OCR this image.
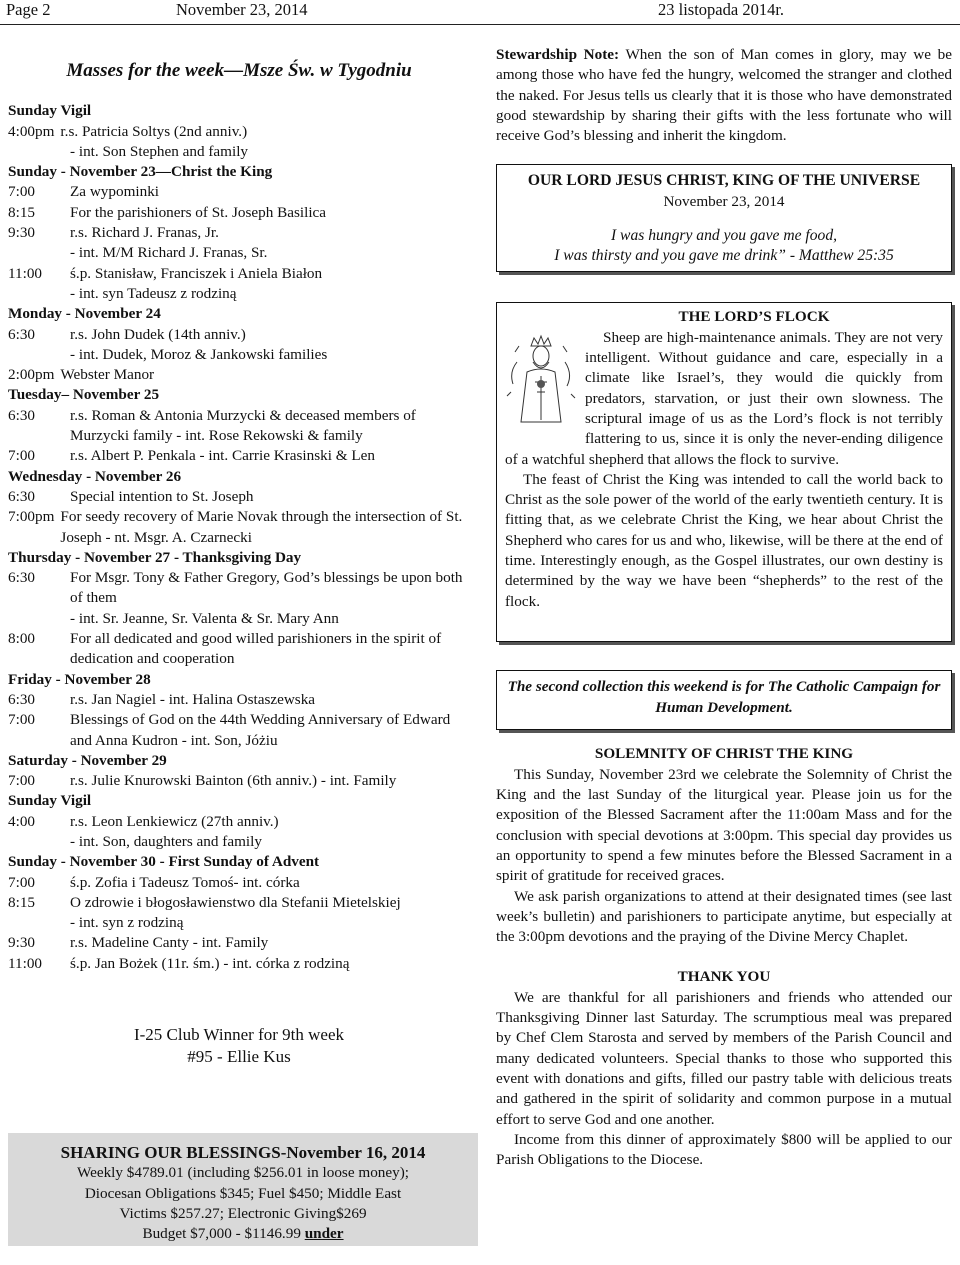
Page 2	November 23, 2014	23 listopada 2014r.
Masses for the week—Msze Św. w Tygodniu
Sunday Vigil
4:00pm r.s. Patricia Soltys (2nd anniv.)
- int. Son Stephen and family
Sunday - November 23—Christ the King
7:00	Za wypominki
8:15	For the parishioners of St. Joseph Basilica
9:30	r.s. Richard J. Franas, Jr.
- int. M/M Richard J. Franas, Sr.
11:00	ś.p. Stanisław, Franciszek i Aniela Białon
- int. syn Tadeusz z rodziną
Monday - November 24
6:30	r.s. John Dudek (14th anniv.)
- int. Dudek, Moroz & Jankowski families
2:00pm Webster Manor
Tuesday– November 25
6:30	r.s. Roman & Antonia Murzycki & deceased members of Murzycki family - int. Rose Rekowski & family
7:00	r.s. Albert P. Penkala - int. Carrie Krasinski & Len
Wednesday - November 26
6:30	Special intention to St. Joseph
7:00pm For seedy recovery of Marie Novak through the intersection of St. Joseph - nt. Msgr. A. Czarnecki
Thursday - November 27 - Thanksgiving Day
6:30	For Msgr. Tony & Father Gregory, God’s blessings be upon both of them
- int. Sr. Jeanne, Sr. Valenta & Sr. Mary Ann
8:00	For all dedicated and good willed parishioners in the spirit of dedication and cooperation
Friday - November 28
6:30	r.s. Jan Nagiel - int. Halina Ostaszewska
7:00	Blessings of God on the 44th Wedding Anniversary of Edward and Anna Kudron - int. Son, Jóżiu
Saturday - November 29
7:00	r.s. Julie Knurowski Bainton (6th anniv.) - int. Family
Sunday Vigil
4:00	r.s. Leon Lenkiewicz (27th anniv.)
- int. Son, daughters and family
Sunday - November 30 - First Sunday of Advent
7:00	ś.p. Zofia i Tadeusz Tomoś- int. córka
8:15	O zdrowie i błogosławienstwo dla Stefanii Mietelskiej
- int. syn z rodziną
9:30	r.s. Madeline Canty - int. Family
11:00	ś.p. Jan Bożek (11r. śm.) - int. córka z rodziną
I-25 Club Winner for 9th week
#95 - Ellie Kus
SHARING OUR BLESSINGS-November 16, 2014
Weekly $4789.01 (including $256.01 in loose money);
Diocesan Obligations $345; Fuel $450; Middle East
Victims $257.27; Electronic Giving$269
Budget $7,000 - $1146.99 under

Stewardship Note: When the son of Man comes in glory, may we be among those who have fed the hungry, welcomed the stranger and clothed the naked. For Jesus tells us clearly that it is those who have demonstrated good stewardship by sharing their gifts with the less fortunate who will receive God’s blessing and inherit the kingdom.

OUR LORD JESUS CHRIST, KING OF THE UNIVERSE
November 23, 2014
I was hungry and you gave me food,
I was thirsty and you gave me drink” - Matthew 25:35
THE LORD’S FLOCK

Sheep are high-maintenance animals. They are not very intelligent. Without guidance and care, especially in a climate like Israel’s, they would die quickly from predators, starvation, or just their own slowness. The scriptural image of us as the Lord’s flock is not terribly flattering to us, since it is only the never-ending diligence of a watchful shepherd that allows the flock to survive.

The feast of Christ the King was intended to call the world back to Christ as the sole power of the world of the early twentieth century. It is fitting that, as we celebrate Christ the King, we hear about Christ the Shepherd who cares for us and who, likewise, will be there at the end of time. Interestingly enough, as the Gospel illustrates, our own destiny is determined by the way we have been “shepherds” to the rest of the flock.

The second collection this weekend is for The Catholic Campaign for Human Development.
SOLEMNITY OF CHRIST THE KING

This Sunday, November 23rd we celebrate the Solemnity of Christ the King and the last Sunday of the liturgical year. Please join us for the exposition of the Blessed Sacrament after the 11:00am Mass and for the conclusion with special devotions at 3:00pm. This special day provides us an opportunity to spend a few minutes before the Blessed Sacrament in a spirit of gratitude for received graces.

We ask parish organizations to attend at their designated times (see last week’s bulletin) and parishioners to participate anytime, but especially at the 3:00pm devotions and the praying of the Divine Mercy Chaplet.

THANK YOU

We are thankful for all parishioners and friends who attended our Thanksgiving Dinner last Saturday. The scrumptious meal was prepared by Chef Clem Starosta and served by members of the Parish Council and many dedicated volunteers. Special thanks to those who supported this event with donations and gifts, filled our pastry table with delicious treats and gathered in the spirit of solidarity and common purpose in a mutual effort to serve God and one another.

Income from this dinner of approximately $800 will be applied to our Parish Obligations to the Diocese.
